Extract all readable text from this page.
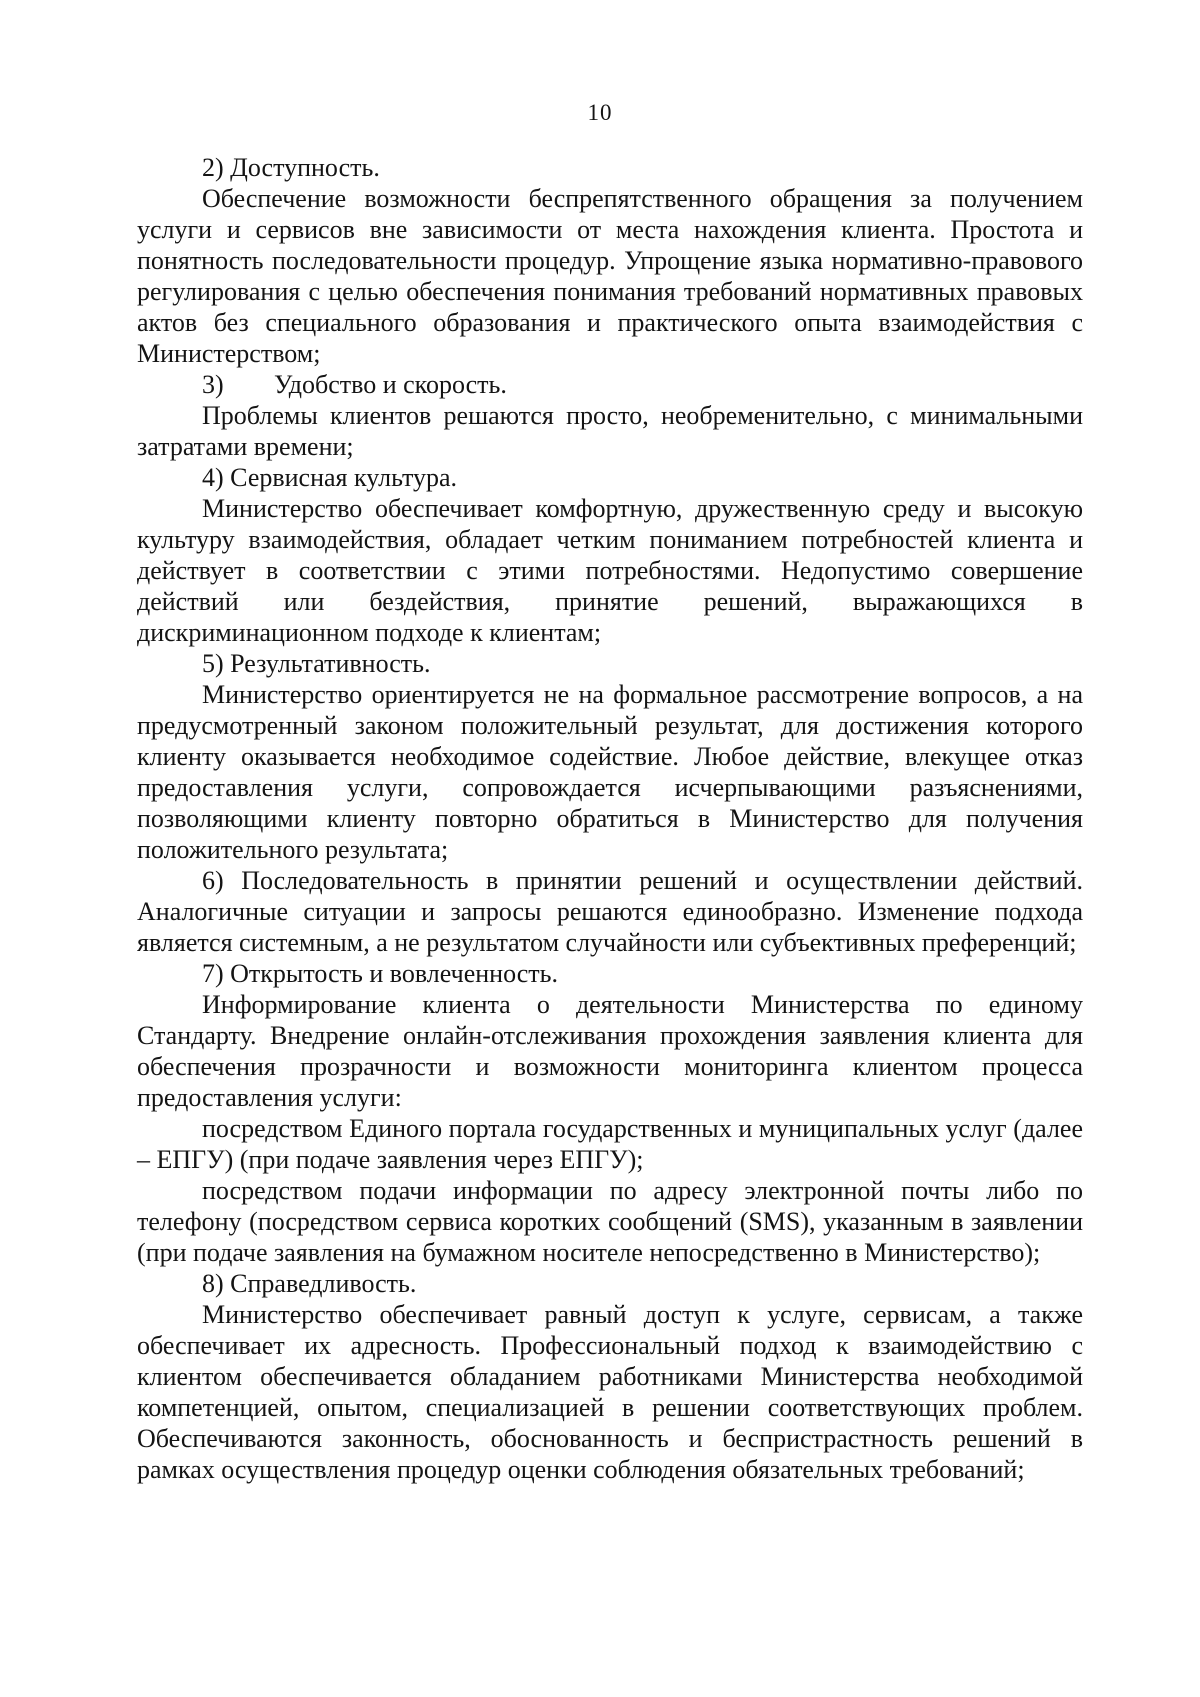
10

2) Доступность.

Обеспечение возможности беспрепятственного обращения за получением услуги и сервисов вне зависимости от места нахождения клиента. Простота и понятность последовательности процедур. Упрощение языка нормативно-правового регулирования с целью обеспечения понимания требований нормативных правовых актов без специального образования и практического опыта взаимодействия с Министерством;

3) Удобство и скорость.

Проблемы клиентов решаются просто, необременительно, с минимальными затратами времени;

4) Сервисная культура.

Министерство обеспечивает комфортную, дружественную среду и высокую культуру взаимодействия, обладает четким пониманием потребностей клиента и действует в соответствии с этими потребностями. Недопустимо совершение действий или бездействия, принятие решений, выражающихся в дискриминационном подходе к клиентам;

5) Результативность.

Министерство ориентируется не на формальное рассмотрение вопросов, а на предусмотренный законом положительный результат, для достижения которого клиенту оказывается необходимое содействие. Любое действие, влекущее отказ предоставления услуги, сопровождается исчерпывающими разъяснениями, позволяющими клиенту повторно обратиться в Министерство для получения положительного результата;

6) Последовательность в принятии решений и осуществлении действий. Аналогичные ситуации и запросы решаются единообразно. Изменение подхода является системным, а не результатом случайности или субъективных преференций;

7) Открытость и вовлеченность.

Информирование клиента о деятельности Министерства по единому Стандарту. Внедрение онлайн-отслеживания прохождения заявления клиента для обеспечения прозрачности и возможности мониторинга клиентом процесса предоставления услуги:

посредством Единого портала государственных и муниципальных услуг (далее – ЕПГУ) (при подаче заявления через ЕПГУ);

посредством подачи информации по адресу электронной почты либо по телефону (посредством сервиса коротких сообщений (SMS), указанным в заявлении (при подаче заявления на бумажном носителе непосредственно в Министерство);

8) Справедливость.

Министерство обеспечивает равный доступ к услуге, сервисам, а также обеспечивает их адресность. Профессиональный подход к взаимодействию с клиентом обеспечивается обладанием работниками Министерства необходимой компетенцией, опытом, специализацией в решении соответствующих проблем. Обеспечиваются законность, обоснованность и беспристрастность решений в рамках осуществления процедур оценки соблюдения обязательных требований;
